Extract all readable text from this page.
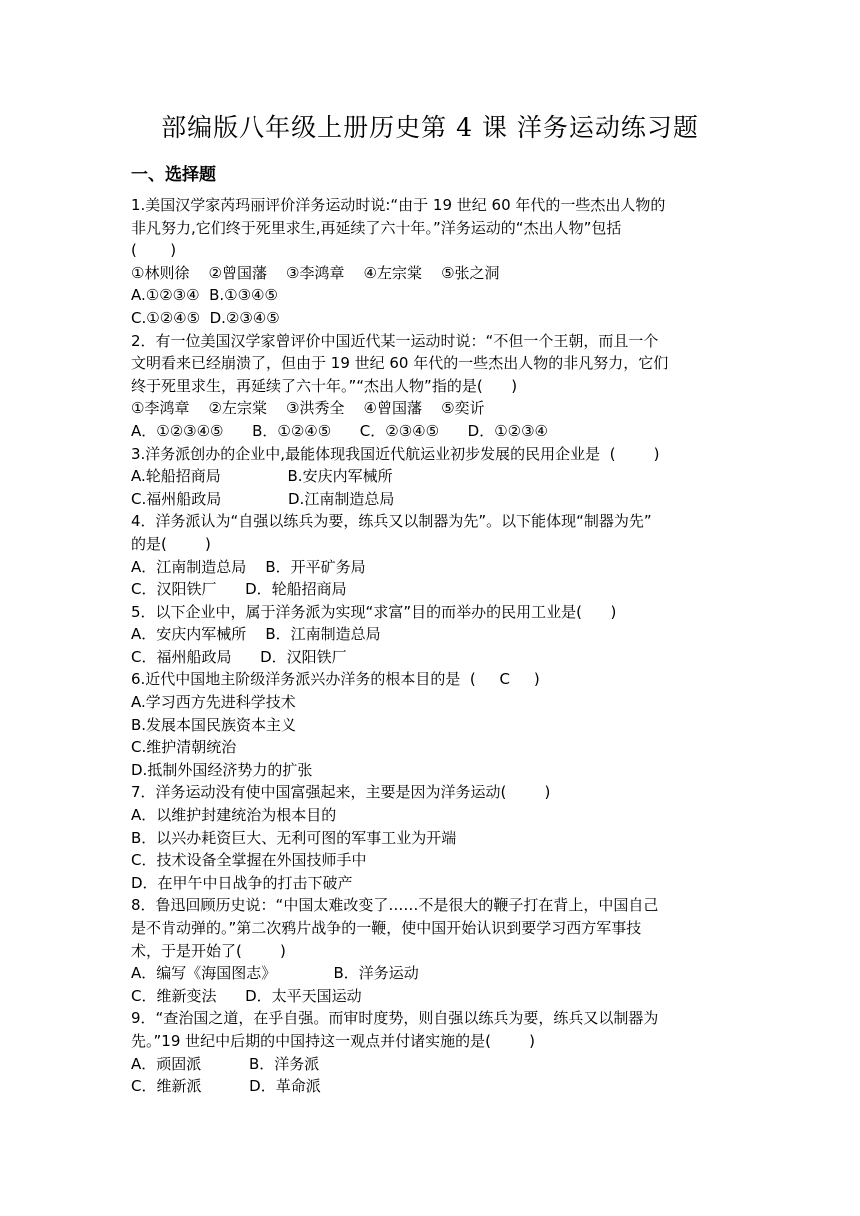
部编版八年级上册历史第 4 课 洋务运动练习题
一、选择题
1.美国汉学家芮玛丽评价洋务运动时说:“由于 19 世纪 60 年代的一些杰出人物的
非凡努力,它们终于死里求生,再延续了六十年。”洋务运动的“杰出人物”包括
(       )
①林则徐    ②曾国藩    ③李鸿章    ④左宗棠    ⑤张之洞
A.①②③④  B.①③④⑤
C.①②④⑤  D.②③④⑤
2．有一位美国汉学家曾评价中国近代某一运动时说：“不但一个王朝，而且一个
文明看来已经崩溃了，但由于 19 世纪 60 年代的一些杰出人物的非凡努力，它们
终于死里求生，再延续了六十年。”“杰出人物”指的是(      )
①李鸿章    ②左宗棠    ③洪秀全    ④曾国藩    ⑤奕䜣
A．①②③④⑤      B．①②④⑤      C．②③④⑤      D．①②③④
3.洋务派创办的企业中,最能体现我国近代航运业初步发展的民用企业是  (        )
A.轮船招商局              B.安庆内军械所
C.福州船政局              D.江南制造总局
4．洋务派认为“自强以练兵为要，练兵又以制器为先”。以下能体现“制器为先”
的是(        )
A．江南制造总局    B．开平矿务局
C．汉阳铁厂      D．轮船招商局
5．以下企业中，属于洋务派为实现“求富”目的而举办的民用工业是(      )
A．安庆内军械所    B．江南制造总局
C．福州船政局      D．汉阳铁厂
6.近代中国地主阶级洋务派兴办洋务的根本目的是  (     C     )
A.学习西方先进科学技术
B.发展本国民族资本主义
C.维护清朝统治
D.抵制外国经济势力的扩张
7．洋务运动没有使中国富强起来，主要是因为洋务运动(        )
A．以维护封建统治为根本目的
B．以兴办耗资巨大、无利可图的军事工业为开端
C．技术设备全掌握在外国技师手中
D．在甲午中日战争的打击下破产
8．鲁迅回顾历史说：“中国太难改变了……不是很大的鞭子打在背上，中国自己
是不肯动弹的。”第二次鸦片战争的一鞭，使中国开始认识到要学习西方军事技
术，于是开始了(        )
A．编写《海国图志》            B．洋务运动
C．维新变法      D．太平天国运动
9．“查治国之道，在乎自强。而审时度势，则自强以练兵为要，练兵又以制器为
先。”19 世纪中后期的中国持这一观点并付诸实施的是(        )
A．顽固派          B．洋务派
C．维新派          D．革命派
